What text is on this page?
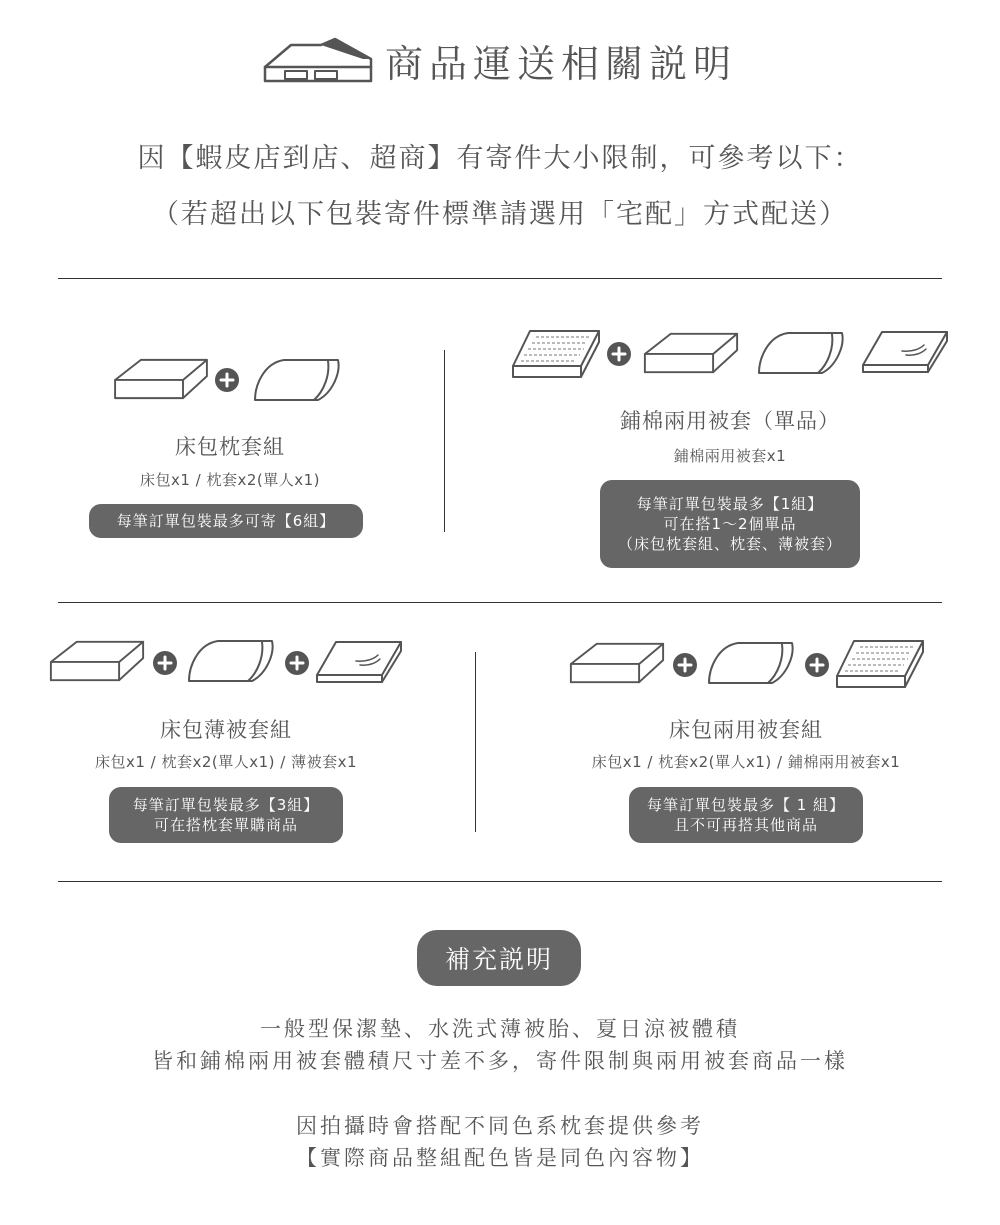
商品運送相關説明
因【蝦皮店到店、超商】有寄件大小限制，可參考以下：
（若超出以下包裝寄件標準請選用「宅配」方式配送）
床包枕套組
床包x1 / 枕套x2(單人x1)
每筆訂單包裝最多可寄【6組】
鋪棉兩用被套（單品）
鋪棉兩用被套x1
每筆訂單包裝最多【1組】
可在搭1～2個單品
（床包枕套組、枕套、薄被套）
床包薄被套組
床包x1 / 枕套x2(單人x1) / 薄被套x1
每筆訂單包裝最多【3組】
可在搭枕套單購商品
床包兩用被套組
床包x1 / 枕套x2(單人x1) / 鋪棉兩用被套x1
每筆訂單包裝最多【 1 組】
且不可再搭其他商品
補充説明
一般型保潔墊、水洗式薄被胎、夏日涼被體積
皆和鋪棉兩用被套體積尺寸差不多，寄件限制與兩用被套商品一樣
因拍攝時會搭配不同色系枕套提供參考
【實際商品整組配色皆是同色內容物】
